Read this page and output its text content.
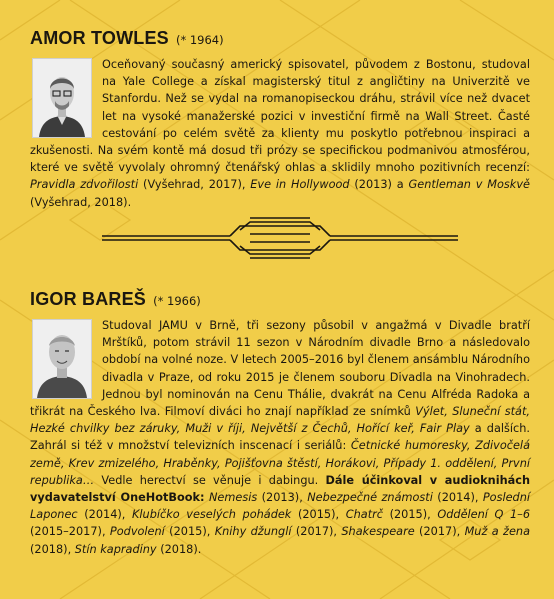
AMOR TOWLES (* 1964)

Oceňovaný současný americký spisovatel, původem z Bostonu, studoval na Yale College a získal magisterský titul z angličtiny na Univerzitě ve Stanfordu. Než se vydal na romanopiseckou dráhu, strávil více než dvacet let na vysoké manažerské pozici v investiční firmě na Wall Street. Časté cestování po celém světě za klienty mu poskytlo potřebnou inspiraci a zkušenosti. Na svém kontě má dosud tři prózy se specifickou podmanivou atmosférou, které ve světě vyvolaly ohromný čtenářský ohlas a sklidily mnoho pozitivních recenzí: Pravidla zdvořilosti (Vyšehrad, 2017), Eve in Hollywood (2013) a Gentleman v Moskvě (Vyšehrad, 2018).

IGOR BAREŠ (* 1966)

Studoval JAMU v Brně, tři sezony působil v angažmá v Divadle bratří Mrštíků, potom strávil 11 sezon v Národním divadle Brno a následovalo období na volné noze. V letech 2005–2016 byl členem ansámblu Národního divadla v Praze, od roku 2015 je členem souboru Divadla na Vinohradech. Jednou byl nominován na Cenu Thálie, dvakrát na Cenu Alfréda Radoka a třikrát na Českého lva. Filmoví diváci ho znají například ze snímků Výlet, Sluneční stát, Hezké chvilky bez záruky, Muži v říji, Největší z Čechů, Hořící keř, Fair Play a dalších. Zahrál si též v množství televizních inscenací i seriálů: Četnické humoresky, Zdivočelá země, Krev zmizelého, Hraběnky, Pojišťovna štěstí, Horákovi, Případy 1. oddělení, První republika… Vedle herectví se věnuje i dabingu. Dále účinkoval v audioknihách vydavatelství OneHotBook: Nemesis (2013), Nebezpečné známosti (2014), Poslední Laponec (2014), Klubíčko veselých pohádek (2015), Chatrč (2015), Oddělení Q 1–6 (2015–2017), Podvolení (2015), Knihy džunglí (2017), Shakespeare (2017), Muž a žena (2018), Stín kapradiny (2018).
